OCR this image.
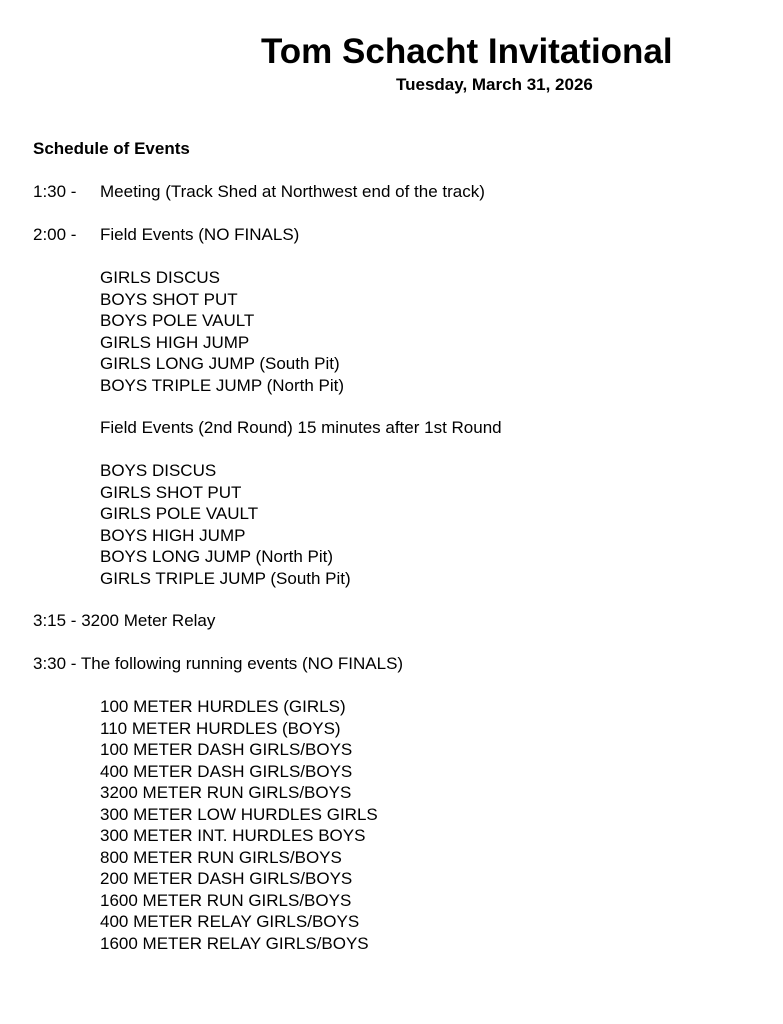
Tom Schacht Invitational
Tuesday, March 31, 2026
Schedule of Events
1:30 - Meeting (Track Shed at Northwest end of the track)
2:00 - Field Events (NO FINALS)
GIRLS DISCUS
BOYS SHOT PUT
BOYS POLE VAULT
GIRLS HIGH JUMP
GIRLS LONG JUMP (South Pit)
BOYS TRIPLE JUMP (North Pit)
Field Events (2nd Round) 15 minutes after 1st Round
BOYS DISCUS
GIRLS SHOT PUT
GIRLS POLE VAULT
BOYS HIGH JUMP
BOYS LONG JUMP (North Pit)
GIRLS TRIPLE JUMP (South Pit)
3:15 - 3200 Meter Relay
3:30 - The following running events (NO FINALS)
100 METER HURDLES (GIRLS)
110 METER HURDLES (BOYS)
100 METER DASH GIRLS/BOYS
400 METER DASH GIRLS/BOYS
3200 METER RUN GIRLS/BOYS
300 METER LOW HURDLES GIRLS
300 METER INT. HURDLES BOYS
800 METER RUN GIRLS/BOYS
200 METER DASH GIRLS/BOYS
1600 METER RUN GIRLS/BOYS
400 METER RELAY GIRLS/BOYS
1600 METER RELAY GIRLS/BOYS
